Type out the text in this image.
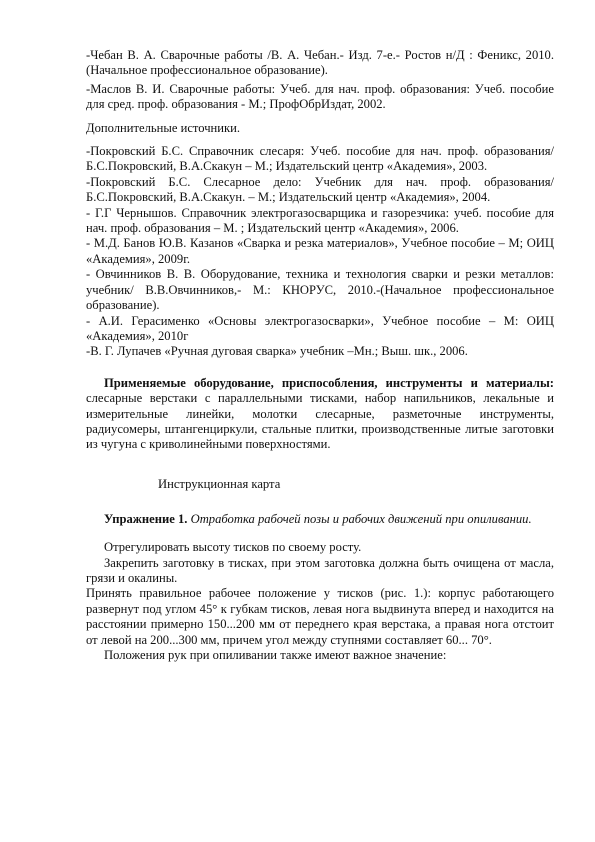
-Чебан В. А. Сварочные работы /В. А. Чебан.- Изд. 7-е.- Ростов н/Д : Феникс, 2010. (Начальное профессиональное образование).

-Маслов В. И. Сварочные работы: Учеб. для нач. проф. образования: Учеб. пособие для сред. проф. образования - М.; ПрофОбрИздат, 2002.

Дополнительные источники.

-Покровский Б.С. Справочник слесаря: Учеб. пособие для нач. проф. образования/Б.С.Покровский, В.А.Скакун – М.; Издательский центр «Академия», 2003.

-Покровский Б.С. Слесарное дело: Учебник для нач. проф. образования/ Б.С.Покровский, В.А.Скакун. – М.; Издательский центр «Академия», 2004.

- Г.Г Чернышов. Справочник электрогазосварщика и газорезчика: учеб. пособие для нач. проф. образования – М. ; Издательский центр «Академия», 2006.

- М.Д. Банов Ю.В. Казанов «Сварка и резка материалов», Учебное пособие – М; ОИЦ «Академия», 2009г.

- Овчинников В. В. Оборудование, техника и технология сварки и резки металлов: учебник/ В.В.Овчинников,- М.: КНОРУС, 2010.-(Начальное профессиональное образование).

- А.И. Герасименко «Основы электрогазосварки», Учебное пособие – М: ОИЦ «Академия», 2010г

-В. Г. Лупачев «Ручная дуговая сварка» учебник –Мн.; Выш. шк., 2006.

Применяемые оборудование, приспособления, инструменты и материалы: слесарные верстаки с параллельными тисками, набор напильников, лекальные и измерительные линейки, молотки слесарные, разметочные инструменты, радиусомеры, штангенциркули, стальные плитки, производственные литые заготовки из чугуна с криволинейными поверхностями.

Инструкционная карта

Упражнение 1. Отработка рабочей позы и рабочих движений при опиливании.

Отрегулировать высоту тисков по своему росту.

Закрепить заготовку в тисках, при этом заготовка должна быть очищена от масла, грязи и окалины.

Принять правильное рабочее положение у тисков (рис. 1.): корпус работающего развернут под углом 45° к губкам тисков, левая нога выдвинута вперед и находится на расстоянии примерно 150...200 мм от переднего края верстака, а правая нога отстоит от левой на 200...300 мм, причем угол между ступнями составляет 60... 70°.

Положения рук при опиливании также имеют важное значение:
